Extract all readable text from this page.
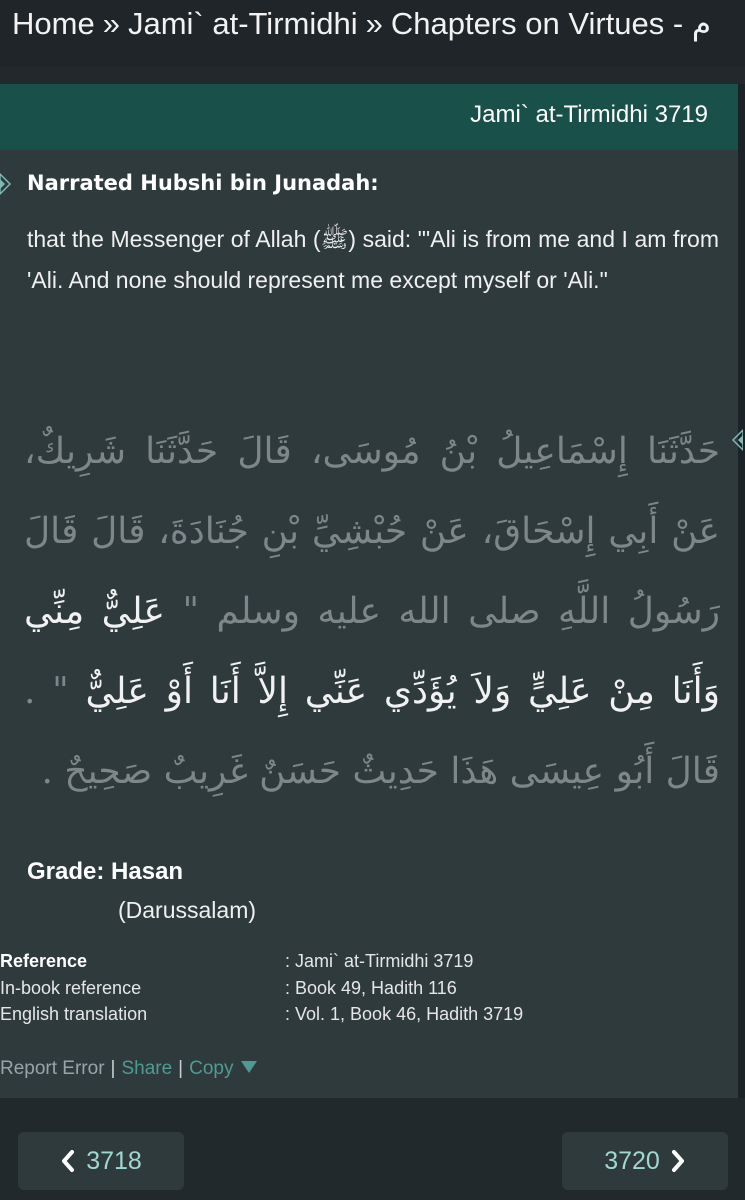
Home » Jami` at-Tirmidhi » Chapters on Virtues - م
Jami` at-Tirmidhi 3719
Narrated Hubshi bin Junadah:
that the Messenger of Allah (ﷺ) said: "'Ali is from me and I am from 'Ali. And none should represent me except myself or 'Ali."
حَدَّثَنَا إِسْمَاعِيلُ بْنُ مُوسَى، قَالَ حَدَّثَنَا شَرِيكٌ، عَنْ أَبِي إِسْحَاقَ، عَنْ حُبْشِيِّ بْنِ جُنَادَةَ، قَالَ قَالَ رَسُولُ اللَّهِ صلى الله عليه وسلم " عَلِيٌّ مِنِّي وَأَنَا مِنْ عَلِيٍّ وَلاَ يُؤَدِّي عَنِّي إِلاَّ أَنَا أَوْ عَلِيٌّ " . قَالَ أَبُو عِيسَى هَذَا حَدِيثٌ حَسَنٌ غَرِيبٌ صَحِيحٌ .
Grade: Hasan
(Darussalam)
Reference	: Jami` at-Tirmidhi 3719
In-book reference	: Book 49, Hadith 116
English translation	: Vol. 1, Book 46, Hadith 3719
Report Error | Share | Copy
3718	3720
